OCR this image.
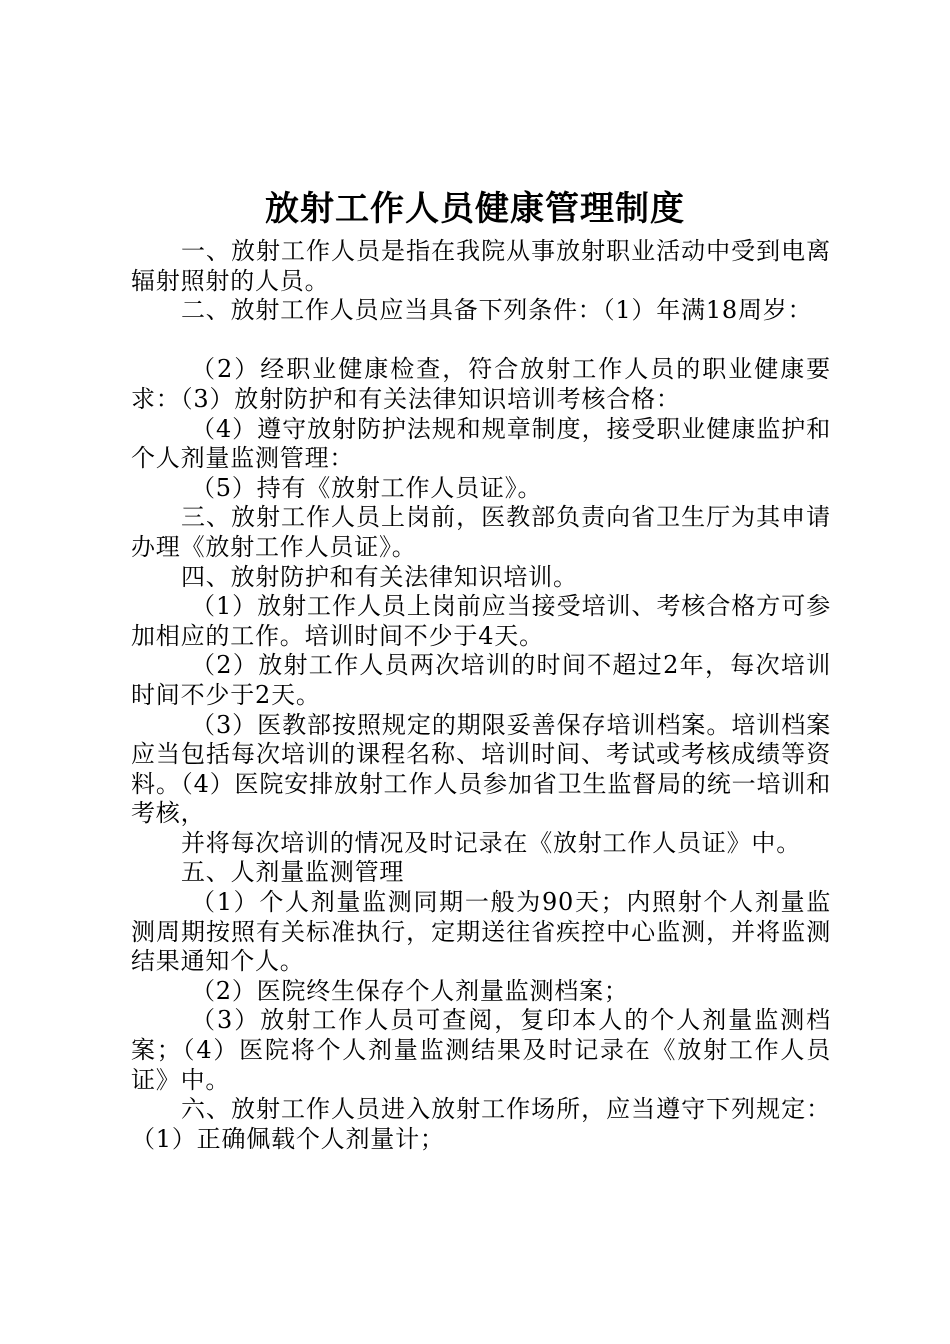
放射工作人员健康管理制度

一、放射工作人员是指在我院从事放射职业活动中受到电离辐射照射的人员。

二、放射工作人员应当具备下列条件：（1）年满18周岁：

（2）经职业健康检查，符合放射工作人员的职业健康要求：（3）放射防护和有关法律知识培训考核合格：

（4）遵守放射防护法规和规章制度，接受职业健康监护和个人剂量监测管理：

（5）持有《放射工作人员证》。

三、放射工作人员上岗前，医教部负责向省卫生厅为其申请办理《放射工作人员证》。

四、放射防护和有关法律知识培训。

（1）放射工作人员上岗前应当接受培训、考核合格方可参加相应的工作。培训时间不少于4天。

（2）放射工作人员两次培训的时间不超过2年，每次培训时间不少于2天。

（3）医教部按照规定的期限妥善保存培训档案。培训档案应当包括每次培训的课程名称、培训时间、考试或考核成绩等资料。（4）医院安排放射工作人员参加省卫生监督局的统一培训和考核，

并将每次培训的情况及时记录在《放射工作人员证》中。

五、人剂量监测管理

（1）个人剂量监测同期一般为90天；内照射个人剂量监测周期按照有关标准执行，定期送往省疾控中心监测，并将监测结果通知个人。

（2）医院终生保存个人剂量监测档案；

（3）放射工作人员可查阅，复印本人的个人剂量监测档案；（4）医院将个人剂量监测结果及时记录在《放射工作人员证》中。

六、放射工作人员进入放射工作场所，应当遵守下列规定：（1）正确佩载个人剂量计；
